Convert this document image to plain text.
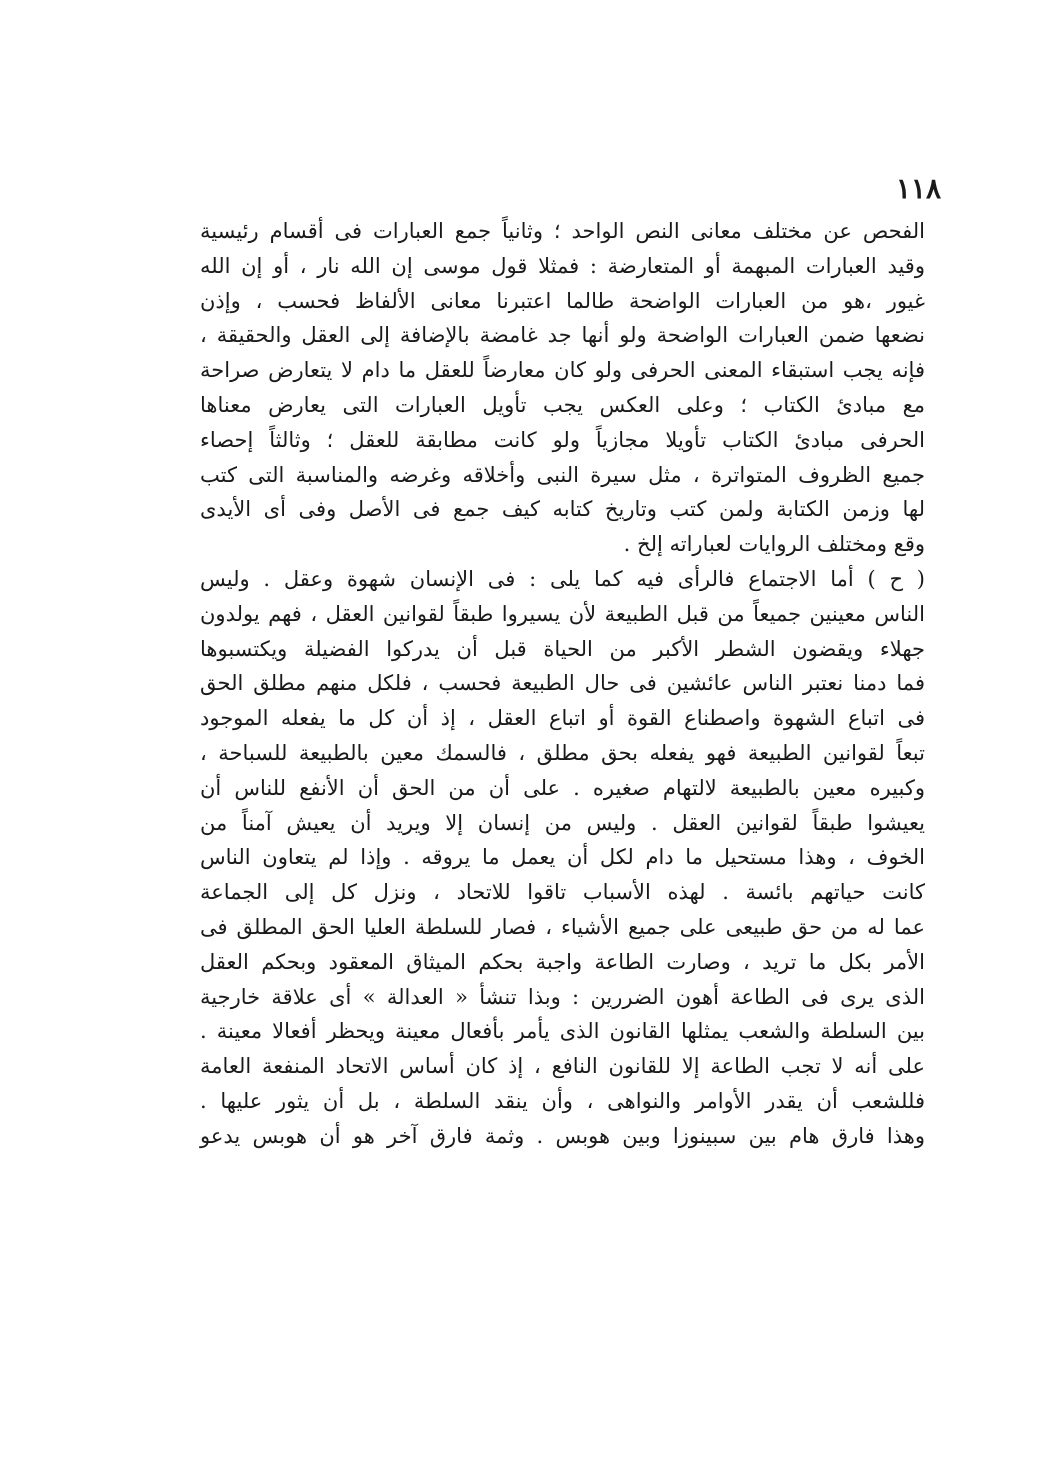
١١٨

الفحص عن مختلف معانى النص الواحد ؛ وثانياً جمع العبارات فى أقسام رئيسية
وقيد العبارات المبهمة أو المتعارضة : فمثلا قول موسى إن الله نار ، أو إن الله
غيور ،هو من العبارات الواضحة طالما اعتبرنا معانى الألفاظ فحسب ، وإذن
نضعها ضمن العبارات الواضحة ولو أنها جد غامضة بالإضافة إلى العقل والحقيقة ،
فإنه يجب استبقاء المعنى الحرفى ولو كان معارضاً للعقل ما دام لا يتعارض صراحة
مع مبادئ الكتاب ؛ وعلى العكس يجب تأويل العبارات التى يعارض معناها
الحرفى مبادئ الكتاب تأويلا مجازياً ولو كانت مطابقة للعقل ؛ وثالثاً إحصاء
جميع الظروف المتواترة ، مثل سيرة النبى وأخلاقه وغرضه والمناسبة التى كتب
لها وزمن الكتابة ولمن كتب وتاريخ كتابه كيف جمع فى الأصل وفى أى الأيدى
وقع ومختلف الروايات لعباراته إلخ .

( ح ) أما الاجتماع فالرأى فيه كما يلى : فى الإنسان شهوة وعقل . وليس
الناس معينين جميعاً من قبل الطبيعة لأن يسيروا طبقاً لقوانين العقل ، فهم يولدون
جهلاء ويقضون الشطر الأكبر من الحياة قبل أن يدركوا الفضيلة ويكتسبوها
فما دمنا نعتبر الناس عائشين فى حال الطبيعة فحسب ، فلكل منهم مطلق الحق
فى اتباع الشهوة واصطناع القوة أو اتباع العقل ، إذ أن كل ما يفعله الموجود
تبعاً لقوانين الطبيعة فهو يفعله بحق مطلق ، فالسمك معين بالطبيعة للسباحة ،
وكبيره معين بالطبيعة لالتهام صغيره . على أن من الحق أن الأنفع للناس أن
يعيشوا طبقاً لقوانين العقل . وليس من إنسان إلا ويريد أن يعيش آمناً من
الخوف ، وهذا مستحيل ما دام لكل أن يعمل ما يروقه . وإذا لم يتعاون الناس
كانت حياتهم بائسة . لهذه الأسباب تاقوا للاتحاد ، ونزل كل إلى الجماعة
عما له من حق طبيعى على جميع الأشياء ، فصار للسلطة العليا الحق المطلق فى
الأمر بكل ما تريد ، وصارت الطاعة واجبة بحكم الميثاق المعقود وبحكم العقل
الذى يرى فى الطاعة أهون الضررين : وبذا تنشأ « العدالة » أى علاقة خارجية
بين السلطة والشعب يمثلها القانون الذى يأمر بأفعال معينة ويحظر أفعالا معينة .
على أنه لا تجب الطاعة إلا للقانون النافع ، إذ كان أساس الاتحاد المنفعة العامة
فللشعب أن يقدر الأوامر والنواهى ، وأن ينقد السلطة ، بل أن يثور عليها .
وهذا فارق هام بين سبينوزا وبين هوبس . وثمة فارق آخر هو أن هوبس يدعو
